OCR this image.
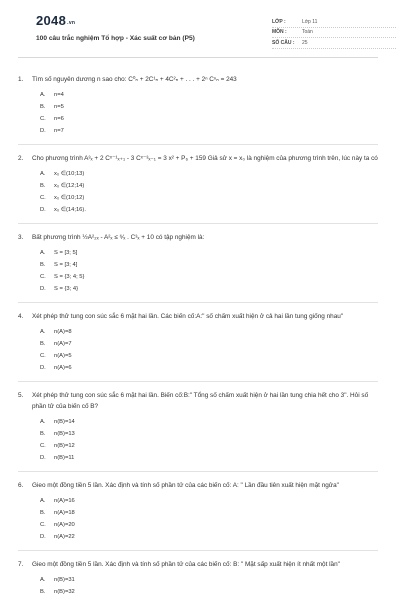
2048.vn
100 câu trắc nghiệm Tổ hợp - Xác suất cơ bản (P5)
LỚP :	Lớp 11
MÔN :	Toán
SỐ CÂU :	25
1.	Tìm số nguyên dương n sao cho: C⁰ₙ + 2C¹ₙ + 4C²ₙ + . . . + 2ⁿ Cⁿₙ = 243
A. n=4
B. n=5
C. n=6
D. n=7
2.	Cho phương trình A³ₓ + 2 Cˣ⁻¹ₓ₊₁ - 3 Cˣ⁻³ₓ₋₁ = 3 x² + P₆ + 159 Giả sử x = x₀ là nghiệm của phương trình trên, lúc này ta có
A. x₀ ∈(10;13)
B. x₀ ∈(12;14)
C. x₀ ∈(10;12)
D. x₀ ∈(14;16).
3.	Bất phương trình ½A²₂ₓ - A²ₓ ≤ ⁶⁄ₓ . C³ₓ + 10 có tập nghiệm là:
A. S = [3; 5]
B. S = [3; 4]
C. S = {3; 4; 5}
D. S = {3; 4}
4.	Xét phép thử tung con súc sắc 6 mặt hai lần. Các biến cố:A:" số chấm xuất hiện ở cả hai lần tung giống nhau"
A. n(A)=8
B. n(A)=7
C. n(A)=5
D. n(A)=6
5.	Xét phép thử tung con súc sắc 6 mặt hai lần. Biến cố:B:" Tổng số chấm xuất hiện ở hai lần tung chia hết cho 3". Hỏi số phần tử của biến cố B?
A. n(B)=14
B. n(B)=13
C. n(B)=12
D. n(B)=11
6.	Gieo một đồng tiền 5 lần. Xác định và tính số phần tử của các biến cố: A: " Lần đầu tiên xuất hiện mặt ngửa"
A. n(A)=16
B. n(A)=18
C. n(A)=20
D. n(A)=22
7.	Gieo một đồng tiền 5 lần. Xác định và tính số phần tử của các biến cố: B: " Mặt sấp xuất hiện ít nhất một lần"
A. n(B)=31
B. n(B)=32
